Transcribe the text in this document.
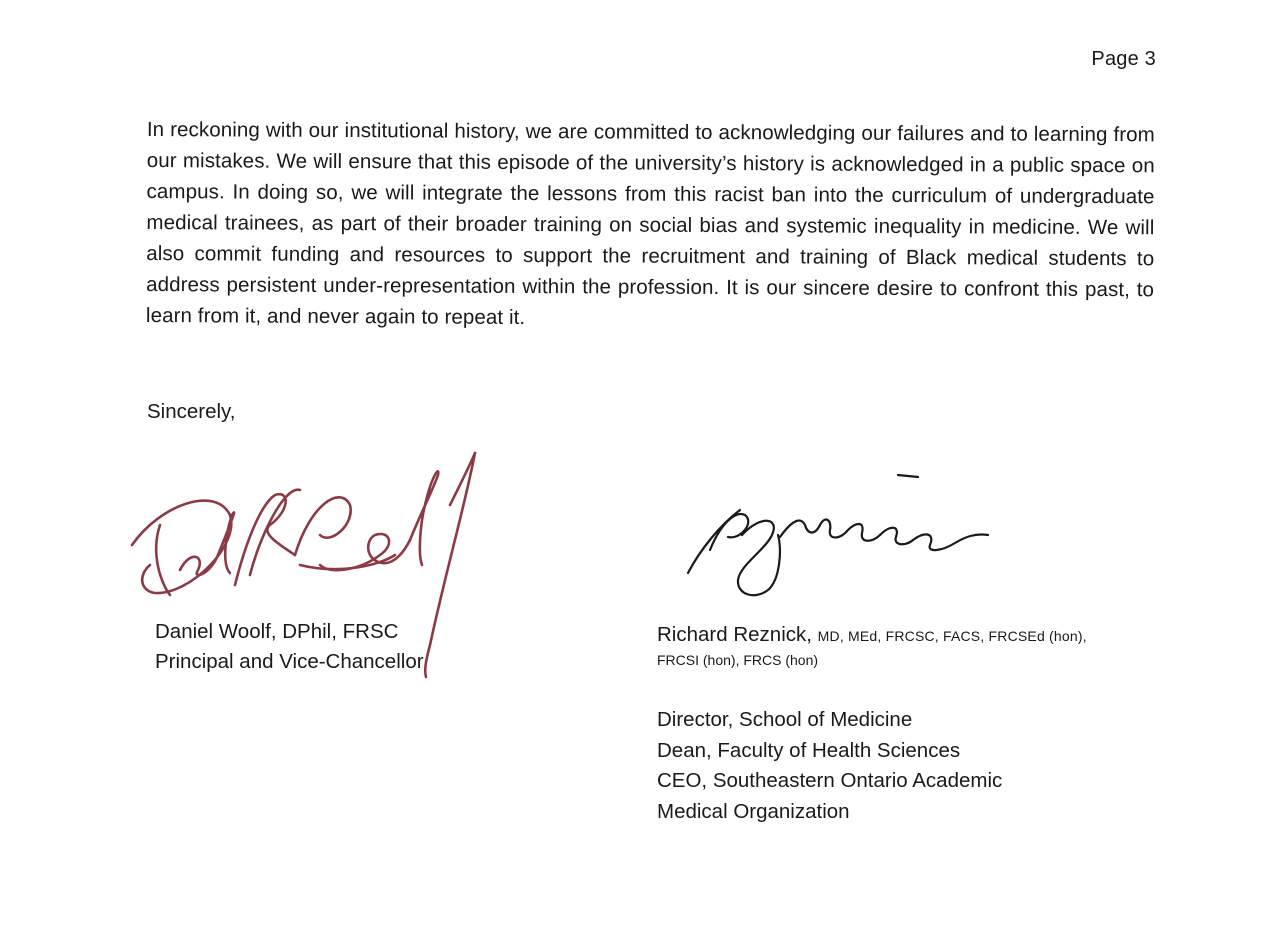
Page 3

In reckoning with our institutional history, we are committed to acknowledging our failures and to learning from our mistakes. We will ensure that this episode of the university’s history is acknowledged in a public space on campus. In doing so, we will integrate the lessons from this racist ban into the curriculum of undergraduate medical trainees, as part of their broader training on social bias and systemic inequality in medicine. We will also commit funding and resources to support the recruitment and training of Black medical students to address persistent under-representation within the profession. It is our sincere desire to confront this past, to learn from it, and never again to repeat it.

Sincerely,
Daniel Woolf, DPhil, FRSC
Principal and Vice-Chancellor
Richard Reznick, MD, MEd, FRCSC, FACS, FRCSEd (hon),
FRCSI (hon), FRCS (hon)
Director, School of Medicine
Dean, Faculty of Health Sciences
CEO, Southeastern Ontario Academic
Medical Organization
